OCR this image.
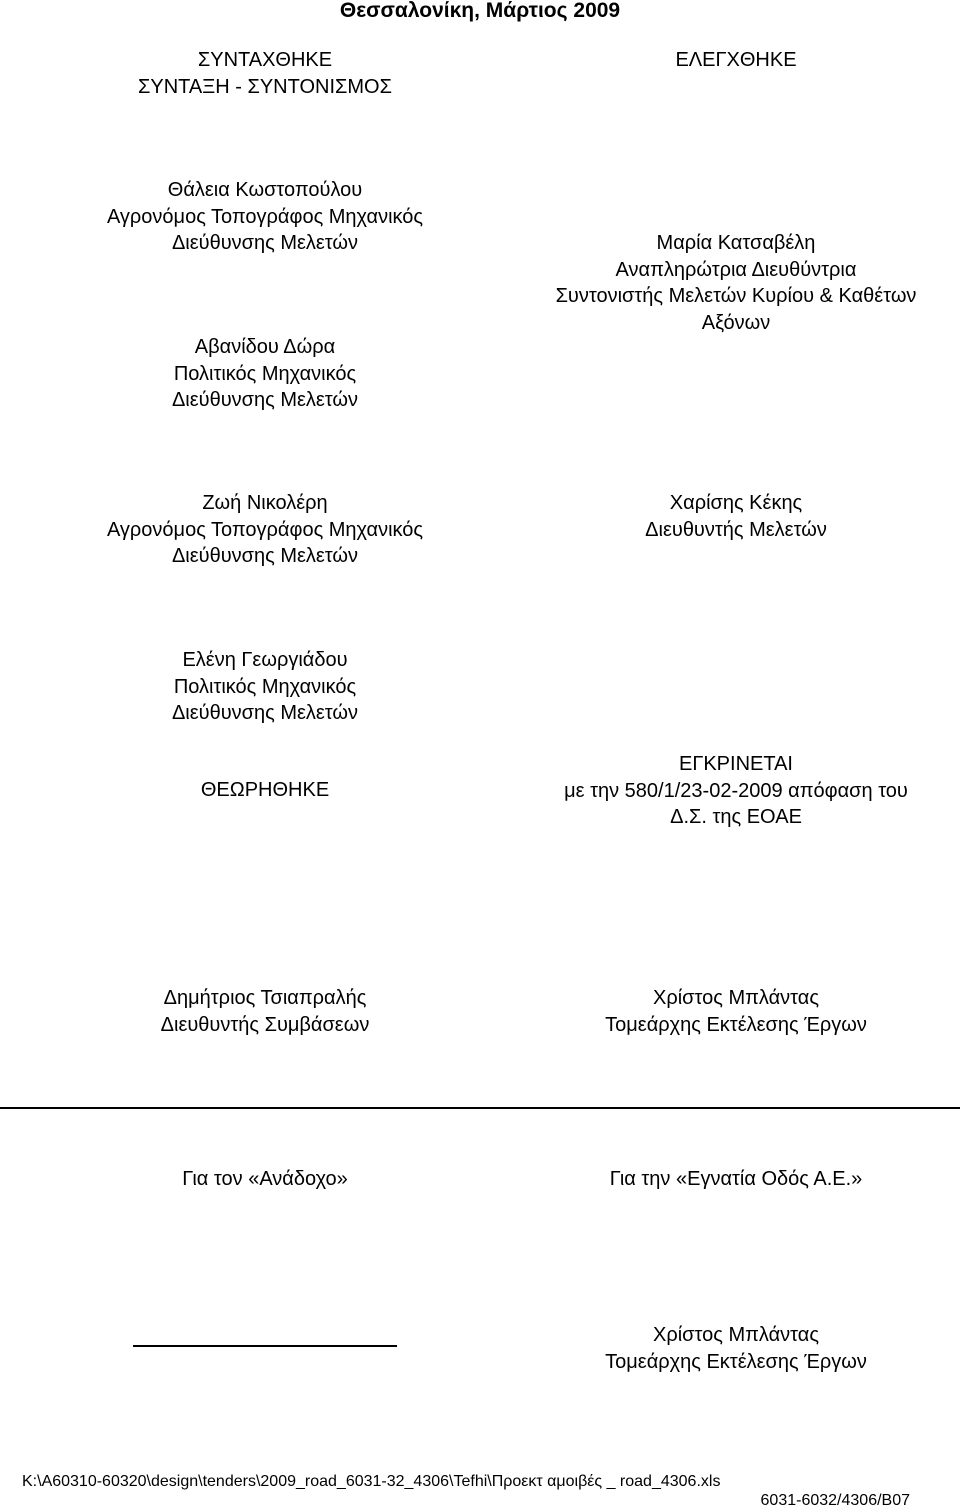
Θεσσαλονίκη, Μάρτιος 2009
ΣΥΝΤΑΧΘΗΚΕ
ΣΥΝΤΑΞΗ - ΣΥΝΤΟΝΙΣΜΟΣ
Θάλεια Κωστοπούλου
Αγρονόμος Τοπογράφος Μηχανικός
Διεύθυνσης Μελετών
Αβανίδου Δώρα
Πολιτικός Μηχανικός
Διεύθυνσης Μελετών
Ζωή Νικολέρη
Αγρονόμος Τοπογράφος Μηχανικός
Διεύθυνσης Μελετών
Ελένη Γεωργιάδου
Πολιτικός Μηχανικός
Διεύθυνσης Μελετών
ΘΕΩΡΗΘΗΚΕ
Δημήτριος Τσιαπραλής
Διευθυντής Συμβάσεων
ΕΛΕΓΧΘΗΚΕ
Μαρία Κατσαβέλη
Αναπληρώτρια Διευθύντρια
Συντονιστής Μελετών Κυρίου & Καθέτων
Αξόνων
Χαρίσης Κέκης
Διευθυντής Μελετών
ΕΓΚΡΙΝΕΤΑΙ
με την 580/1/23-02-2009 απόφαση του
Δ.Σ. της ΕΟΑΕ
Χρίστος Μπλάντας
Τομεάρχης Εκτέλεσης Έργων
Για τον «Ανάδοχο»	Για την «Εγνατία Οδός Α.Ε.»
Χρίστος Μπλάντας
Τομεάρχης Εκτέλεσης Έργων
K:\A60310-60320\design\tenders\2009_road_6031-32_4306\Tefhi\Προεκτ αμοιβές _ road_4306.xls
6031-6032/4306/B07
